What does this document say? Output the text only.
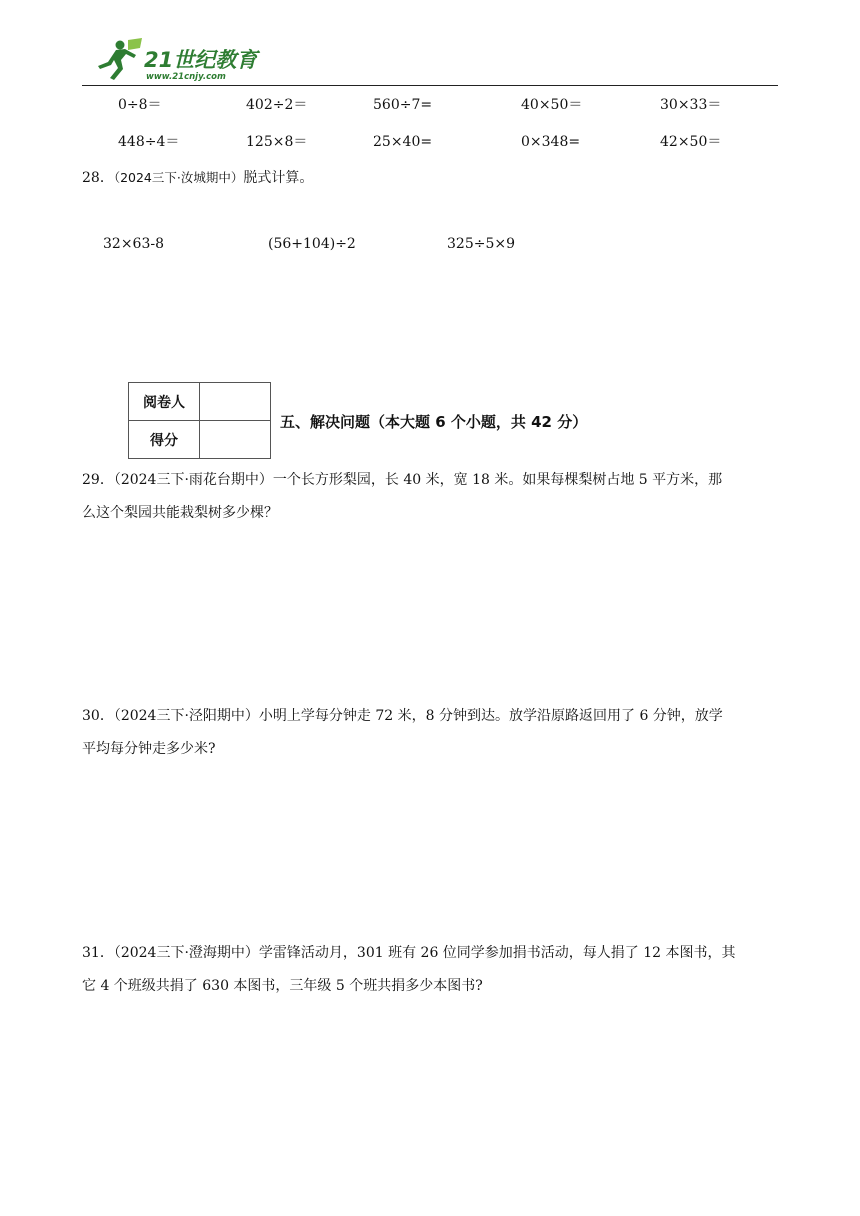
21世纪教育
www.21cnjy.com
0÷8＝	402÷2＝	560÷7=	40×50＝	30×33＝
448÷4＝	125×8＝	25×40=	0×348=	42×50＝
28．（2024三下·汝城期中）脱式计算。
32×63-8	(56+104)÷2	325÷5×9
阅卷人	
得分	
五、解决问题（本大题 6 个小题，共 42 分）
29．（2024三下·雨花台期中）一个长方形梨园，长 40 米，宽 18 米。如果每棵梨树占地 5 平方米，那
么这个梨园共能栽梨树多少棵？
30．（2024三下·泾阳期中）小明上学每分钟走 72 米，8 分钟到达。放学沿原路返回用了 6 分钟，放学
平均每分钟走多少米?
31．（2024三下·澄海期中）学雷锋活动月，301 班有 26 位同学参加捐书活动，每人捐了 12 本图书，其
它 4 个班级共捐了 630 本图书，三年级 5 个班共捐多少本图书?
